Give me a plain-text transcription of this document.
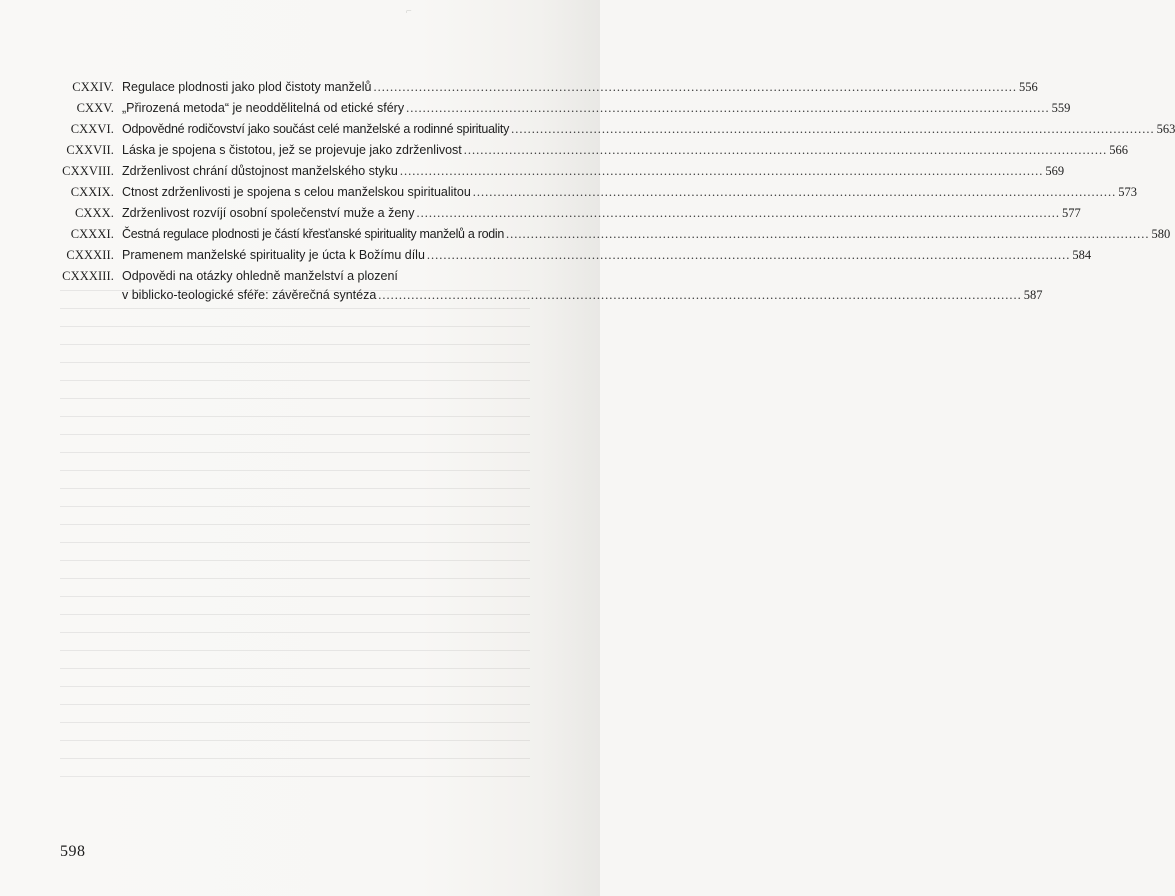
⌐
CXXIV. Regulace plodnosti jako plod čistoty manželů .....	556
CXXV. „Přirozená metoda“ je neoddělitelná od etické sféry .....	559
CXXVI. Odpovědné rodičovství jako součást celé manželské a rodinné spirituality .....	563
CXXVII. Láska je spojena s čistotou, jež se projevuje jako zdrženlivost .....	566
CXXVIII. Zdrženlivost chrání důstojnost manželského styku .....	569
CXXIX. Ctnost zdrženlivosti je spojena s celou manželskou spiritualitou .....	573
CXXX. Zdrženlivost rozvíjí osobní společenství muže a ženy .....	577
CXXXI. Čestná regulace plodnosti je částí křesťanské spirituality manželů a rodin .....	580
CXXXII. Pramenem manželské spirituality je úcta k Božímu dílu .....	584
CXXXIII. Odpovědi na otázky ohledně manželství a plození
v biblicko-teologické sféře: závěrečná syntéza .....	587
598
